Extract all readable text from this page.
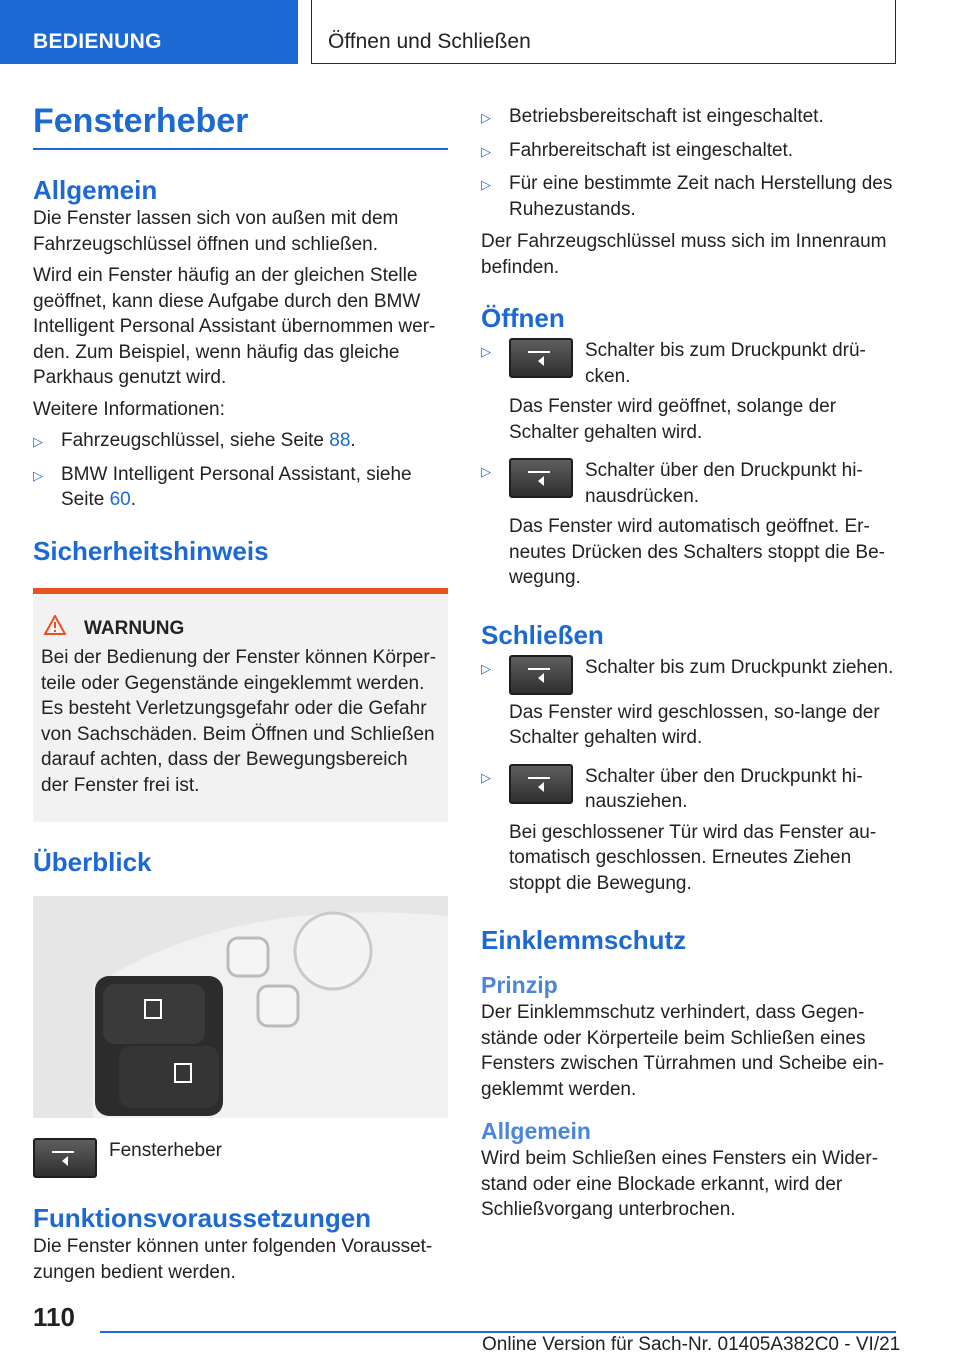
BEDIENUNG	Öffnen und Schließen
Fensterheber
Allgemein

Die Fenster lassen sich von außen mit dem Fahrzeugschlüssel öffnen und schließen.

Wird ein Fenster häufig an der gleichen Stelle geöffnet, kann diese Aufgabe durch den BMW Intelligent Personal Assistant übernommen wer‐den. Zum Beispiel, wenn häufig das gleiche Parkhaus genutzt wird.

Weitere Informationen:

▷ Fahrzeugschlüssel, siehe Seite 88.
▷ BMW Intelligent Personal Assistant, siehe Seite 60.
Sicherheitshinweis
WARNUNG

Bei der Bedienung der Fenster können Körper‐teile oder Gegenstände eingeklemmt werden. Es besteht Verletzungsgefahr oder die Gefahr von Sachschäden. Beim Öffnen und Schließen darauf achten, dass der Bewegungsbereich der Fenster frei ist.

Überblick
Fensterheber
Funktionsvoraussetzungen

Die Fenster können unter folgenden Vorausset‐zungen bedient werden.

▷ Betriebsbereitschaft ist eingeschaltet.
▷ Fahrbereitschaft ist eingeschaltet.
▷ Für eine bestimmte Zeit nach Herstellung des Ruhezustands.

Der Fahrzeugschlüssel muss sich im Innenraum befinden.

Öffnen
▷	Schalter bis zum Druckpunkt drü‐cken.

Das Fenster wird geöffnet, solange der Schalter gehalten wird.

▷	Schalter über den Druckpunkt hi‐nausdrücken.

Das Fenster wird automatisch geöffnet. Er‐neutes Drücken des Schalters stoppt die Be‐wegung.

Schließen
▷	Schalter bis zum Druckpunkt ziehen.

Das Fenster wird geschlossen, so‐lange der Schalter gehalten wird.

▷	Schalter über den Druckpunkt hi‐nausziehen.

Bei geschlossener Tür wird das Fenster au‐tomatisch geschlossen. Erneutes Ziehen stoppt die Bewegung.

Einklemmschutz
Prinzip

Der Einklemmschutz verhindert, dass Gegen‐stände oder Körperteile beim Schließen eines Fensters zwischen Türrahmen und Scheibe ein‐geklemmt werden.

Allgemein

Wird beim Schließen eines Fensters ein Wider‐stand oder eine Blockade erkannt, wird der Schließvorgang unterbrochen.

110
Online Version für Sach-Nr. 01405A382C0 - VI/21
